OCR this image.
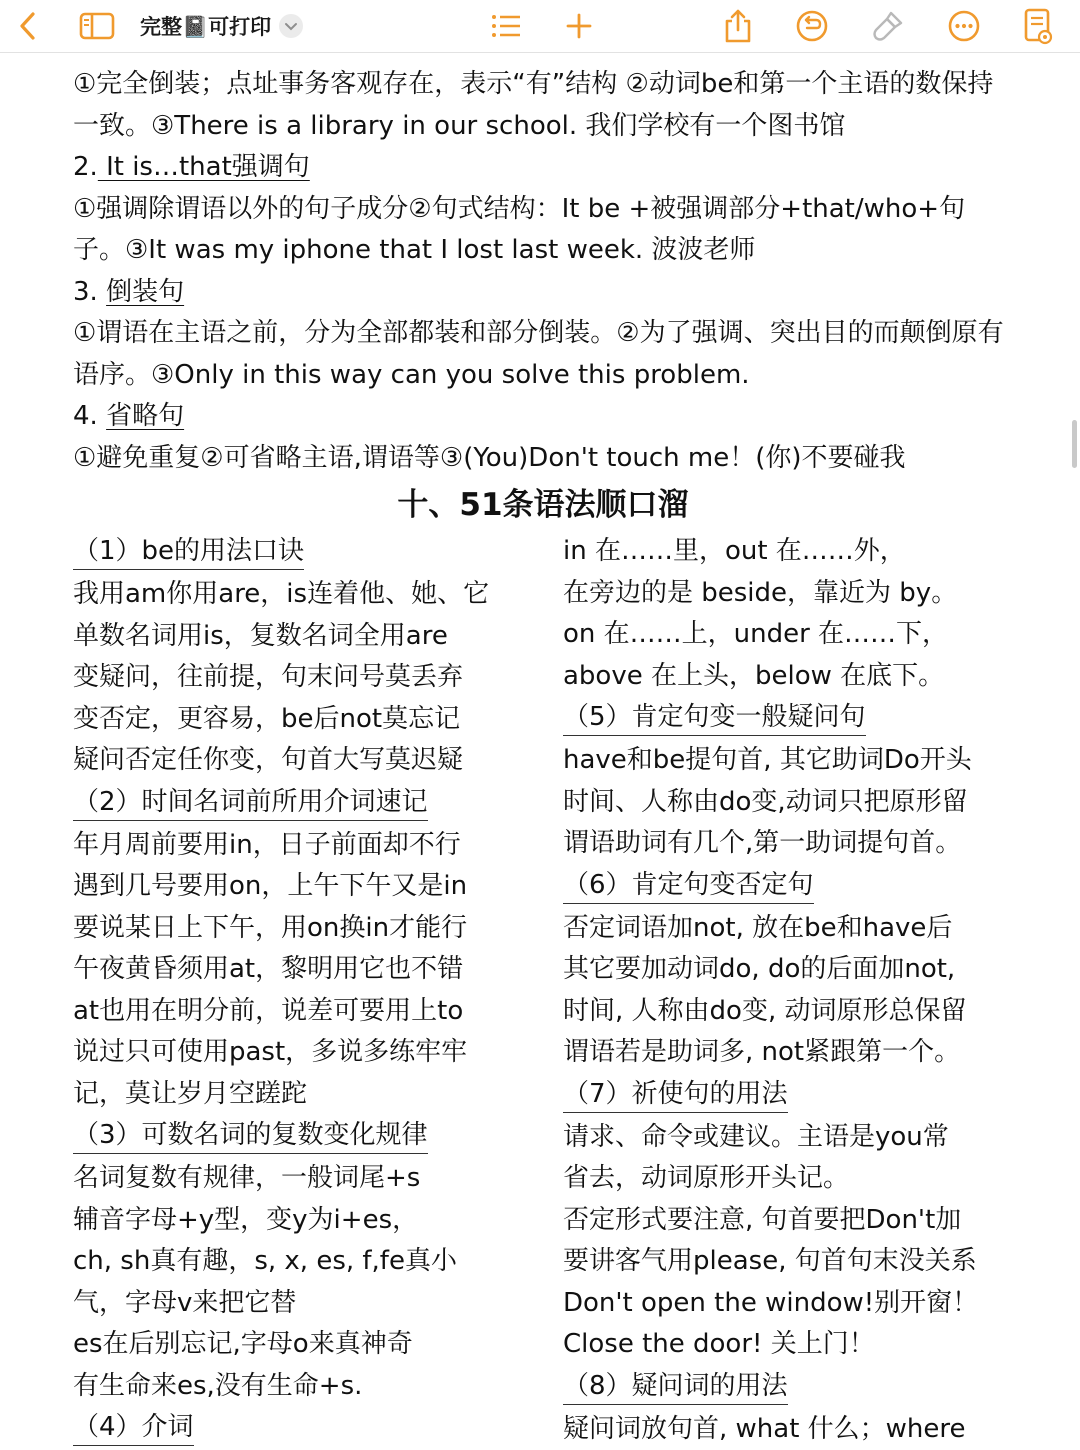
完整📓可打印

①完全倒装；点址事务客观存在，表示“有”结构 ②动词be和第一个主语的数保持一致。③There is a library in our school. 我们学校有一个图书馆

2. It is…that强调句

①强调除谓语以外的句子成分②句式结构：It be +被强调部分+that/who+句子。③It was my iphone that I lost last week. 波波老师

3. 倒装句

①谓语在主语之前，分为全部都装和部分倒装。②为了强调、突出目的而颠倒原有语序。③Only in this way can you solve this problem.

4. 省略句

①避免重复②可省略主语,谓语等③(You)Don't touch me！(你)不要碰我

十、51条语法顺口溜

（1）be的用法口诀

我用am你用are，is连着他、她、它

单数名词用is，复数名词全用are

变疑问，往前提，句末问号莫丢弃

变否定，更容易，be后not莫忘记

疑问否定任你变，句首大写莫迟疑

（2）时间名词前所用介词速记

年月周前要用in，日子前面却不行

遇到几号要用on，上午下午又是in

要说某日上下午，用on换in才能行

午夜黄昏须用at，黎明用它也不错

at也用在明分前，说差可要用上to

说过只可使用past，多说多练牢牢

记，莫让岁月空蹉跎

（3）可数名词的复数变化规律

名词复数有规律，一般词尾+s

辅音字母+y型，变y为i+es，

ch, sh真有趣，s, x, es, f,fe真小

气，字母v来把它替

es在后别忘记,字母o来真神奇

有生命来es,没有生命+s.

（4）介词

in 在……里，out 在……外，

在旁边的是 beside，靠近为 by。

on 在……上，under 在……下，

above 在上头，below 在底下。

（5）肯定句变一般疑问句

have和be提句首, 其它助词Do开头

时间、人称由do变,动词只把原形留

谓语助词有几个,第一助词提句首。

（6）肯定句变否定句

否定词语加not, 放在be和have后

其它要加动词do, do的后面加not,

时间, 人称由do变, 动词原形总保留

谓语若是助词多, not紧跟第一个。

（7）祈使句的用法

请求、命令或建议。主语是you常

省去，动词原形开头记。

否定形式要注意, 句首要把Don't加

要讲客气用please, 句首句末没关系

Don't open the window!别开窗！

Close the door! 关上门！

（8）疑问词的用法

疑问词放句首, what 什么；where
